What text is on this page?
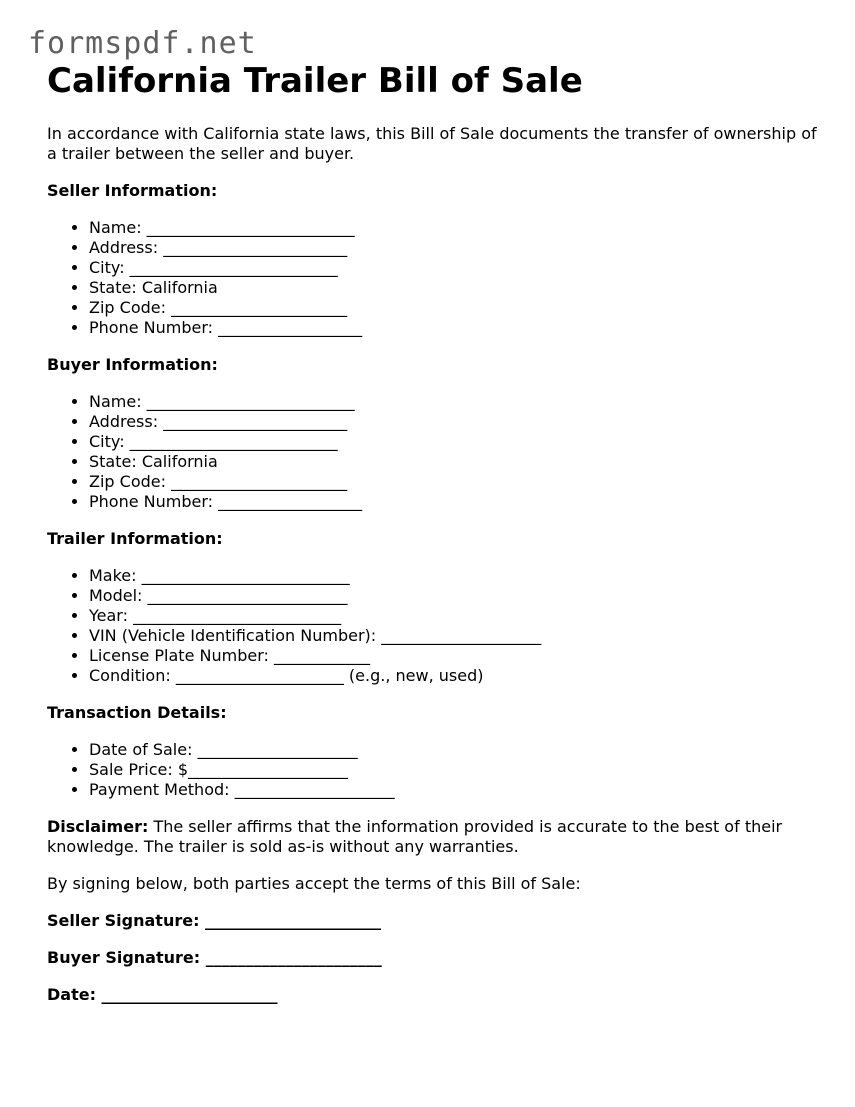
formspdf.net
California Trailer Bill of Sale

In accordance with California state laws, this Bill of Sale documents the transfer of ownership of a trailer between the seller and buyer.

Seller Information:
• Name: __________________________
• Address: _______________________
• City: __________________________
• State: California
• Zip Code: ______________________
• Phone Number: __________________
Buyer Information:
• Name: __________________________
• Address: _______________________
• City: __________________________
• State: California
• Zip Code: ______________________
• Phone Number: __________________
Trailer Information:
• Make: __________________________
• Model: _________________________
• Year: __________________________
• VIN (Vehicle Identification Number): ____________________
• License Plate Number: ____________
• Condition: _____________________ (e.g., new, used)
Transaction Details:
• Date of Sale: ____________________
• Sale Price: $____________________
• Payment Method: ____________________

Disclaimer: The seller affirms that the information provided is accurate to the best of their knowledge. The trailer is sold as-is without any warranties.

By signing below, both parties accept the terms of this Bill of Sale:

Seller Signature: ______________________
Buyer Signature: ______________________
Date: ______________________
